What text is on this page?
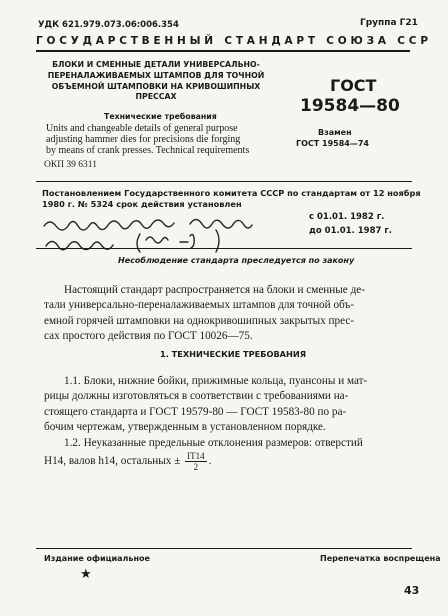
УДК 621.979.073.06:006.354	Группа Г21
ГОСУДАРСТВЕННЫЙ СТАНДАРТ СОЮЗА ССР
БЛОКИ И СМЕННЫЕ ДЕТАЛИ УНИВЕРСАЛЬНО-
ПЕРЕНАЛАЖИВАЕМЫХ ШТАМПОВ ДЛЯ ТОЧНОЙ
ОБЪЕМНОЙ ШТАМПОВКИ НА КРИВОШИПНЫХ
ПРЕССАХ
Технические требования
Units and changeable details of general purpose
adjusting hammer dies for precisions die forging
by means of crank presses. Technical requirements
ОКП 39 6311
ГОСТ
19584—80
Взамен
ГОСТ 19584—74
Постановлением Государственного комитета СССР по стандартам от 12 ноября
1980 г. № 5324 срок действия установлен
с 01.01. 1982 г.
до 01.01. 1987 г.
Несоблюдение стандарта преследуется по закону
Настоящий стандарт распространяется на блоки и сменные де-
тали универсально-переналаживаемых штампов для точной объ-
емной горячей штамповки на однокривошипных закрытых прес-
сах простого действия по ГОСТ 10026—75.
1. ТЕХНИЧЕСКИЕ ТРЕБОВАНИЯ
1.1. Блоки, нижние бойки, прижимные кольца, пуансоны и мат-
рицы должны изготовляться в соответствии с требованиями на-
стоящего стандарта и ГОСТ 19579-80 — ГОСТ 19583-80 по ра-
бочим чертежам, утвержденным в установленном порядке.
1.2. Неуказанные предельные отклонения размеров: отверстий
H14, валов h14, остальных ± $\frac{IT14}{2}$ .
Издание официальное
★
Перепечатка воспрещена
43
